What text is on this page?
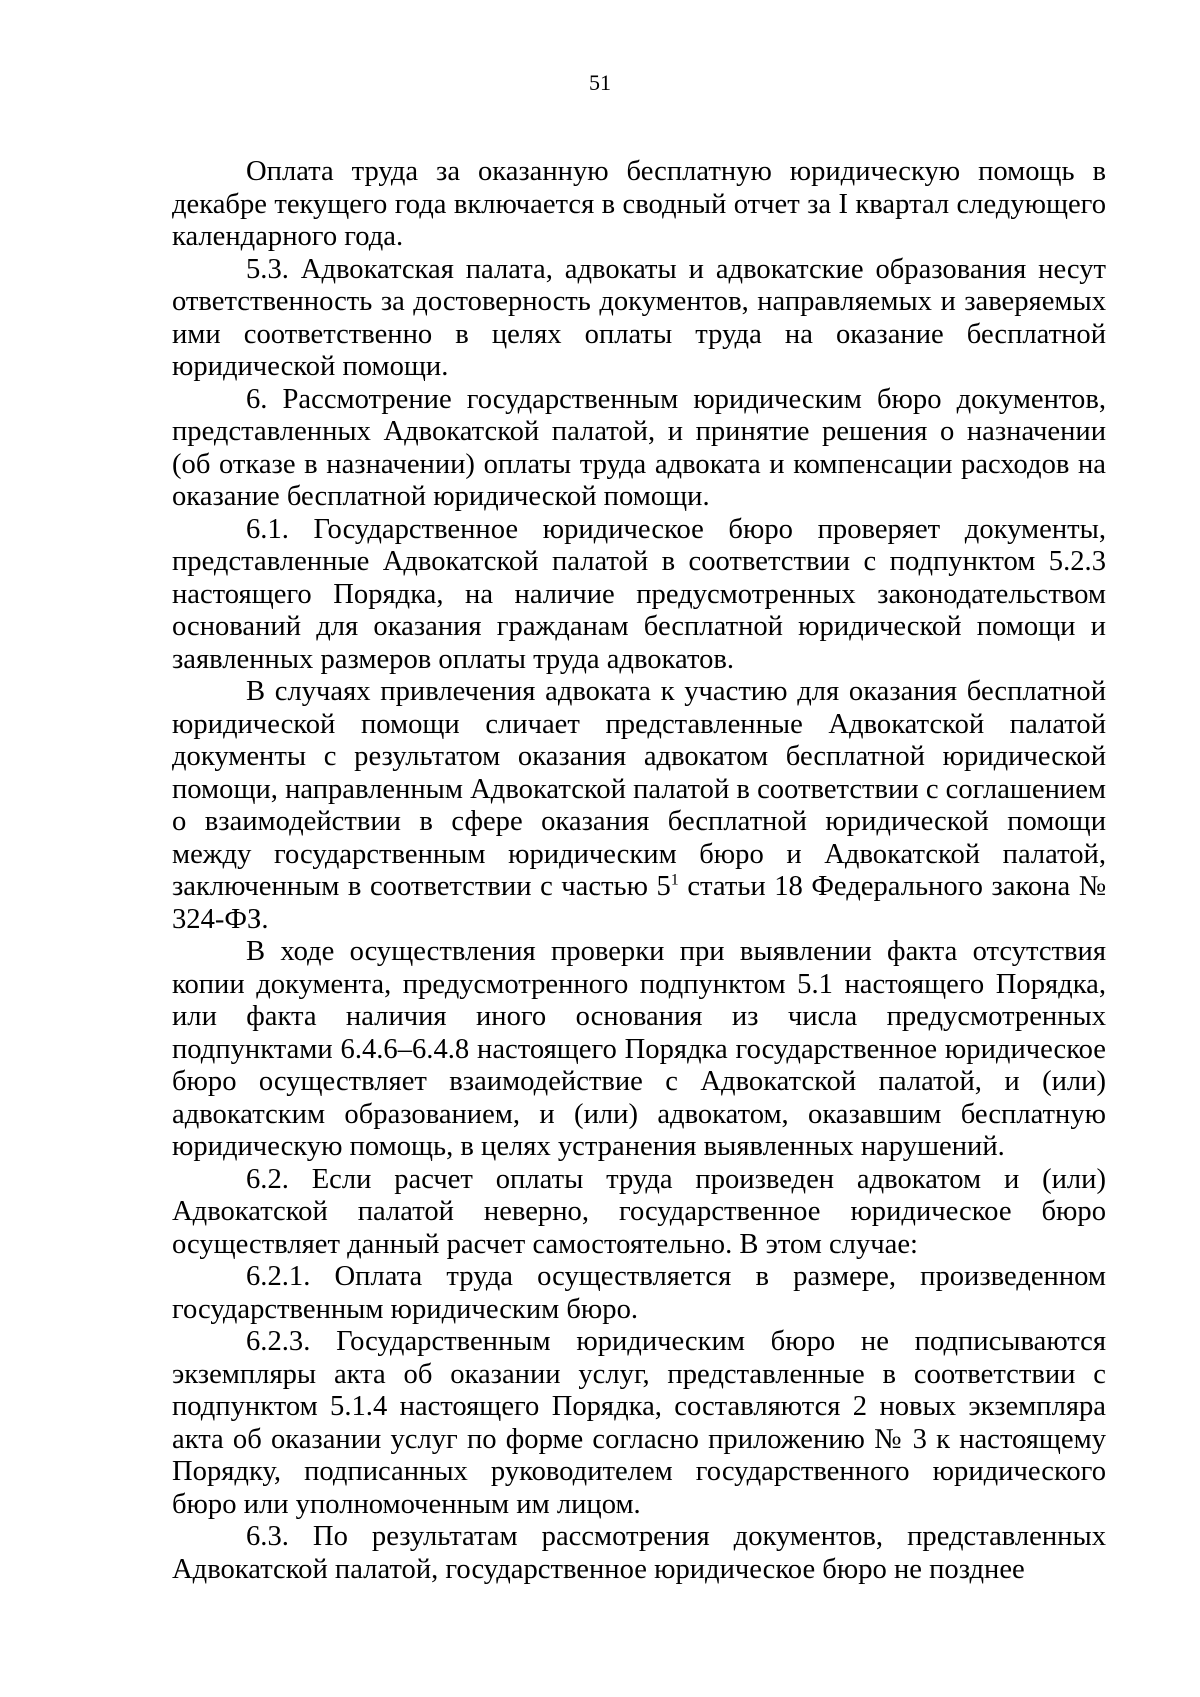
51

Оплата труда за оказанную бесплатную юридическую помощь в декабре текущего года включается в сводный отчет за I квартал следующего календарного года.

5.3. Адвокатская палата, адвокаты и адвокатские образования несут ответственность за достоверность документов, направляемых и заверяемых ими соответственно в целях оплаты труда на оказание бесплатной юридической помощи.

6. Рассмотрение государственным юридическим бюро документов, представленных Адвокатской палатой, и принятие решения о назначении (об отказе в назначении) оплаты труда адвоката и компенсации расходов на оказание бесплатной юридической помощи.

6.1. Государственное юридическое бюро проверяет документы, представленные Адвокатской палатой в соответствии с подпунктом 5.2.3 настоящего Порядка, на наличие предусмотренных законодательством оснований для оказания гражданам бесплатной юридической помощи и заявленных размеров оплаты труда адвокатов.

В случаях привлечения адвоката к участию для оказания бесплатной юридической помощи сличает представленные Адвокатской палатой документы с результатом оказания адвокатом бесплатной юридической помощи, направленным Адвокатской палатой в соответствии с соглашением о взаимодействии в сфере оказания бесплатной юридической помощи между государственным юридическим бюро и Адвокатской палатой, заключенным в соответствии с частью $5^1$ статьи 18 Федерального закона № 324-ФЗ.

В ходе осуществления проверки при выявлении факта отсутствия копии документа, предусмотренного подпунктом 5.1 настоящего Порядка, или факта наличия иного основания из числа предусмотренных подпунктами 6.4.6–6.4.8 настоящего Порядка государственное юридическое бюро осуществляет взаимодействие с Адвокатской палатой, и (или) адвокатским образованием, и (или) адвокатом, оказавшим бесплатную юридическую помощь, в целях устранения выявленных нарушений.

6.2. Если расчет оплаты труда произведен адвокатом и (или) Адвокатской палатой неверно, государственное юридическое бюро осуществляет данный расчет самостоятельно. В этом случае:

6.2.1. Оплата труда осуществляется в размере, произведенном государственным юридическим бюро.

6.2.3. Государственным юридическим бюро не подписываются экземпляры акта об оказании услуг, представленные в соответствии с подпунктом 5.1.4 настоящего Порядка, составляются 2 новых экземпляра акта об оказании услуг по форме согласно приложению № 3 к настоящему Порядку, подписанных руководителем государственного юридического бюро или уполномоченным им лицом.

6.3. По результатам рассмотрения документов, представленных Адвокатской палатой, государственное юридическое бюро не позднее
